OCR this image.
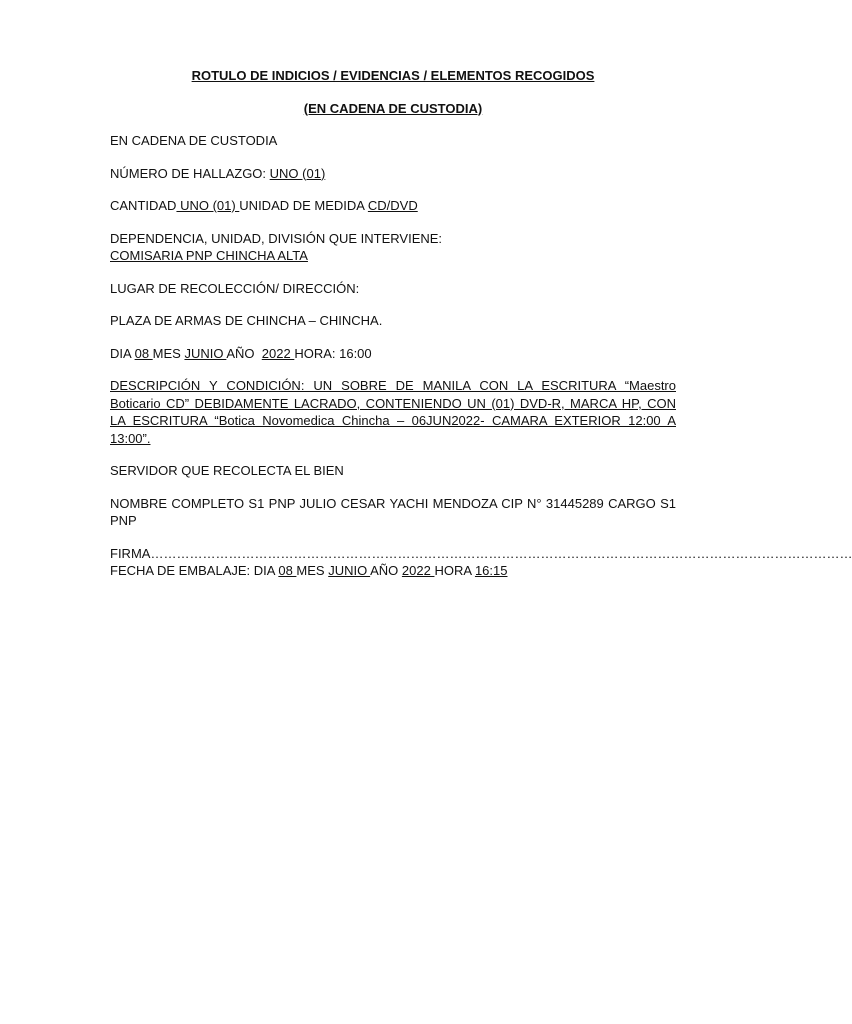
ROTULO DE INDICIOS / EVIDENCIAS / ELEMENTOS RECOGIDOS
(EN CADENA DE CUSTODIA)

EN CADENA DE CUSTODIA

NÚMERO DE HALLAZGO: UNO (01)

CANTIDAD UNO (01) UNIDAD DE MEDIDA CD/DVD

DEPENDENCIA, UNIDAD, DIVISIÓN QUE INTERVIENE:
COMISARIA PNP CHINCHA ALTA

LUGAR DE RECOLECCIÓN/ DIRECCIÓN:

PLAZA DE ARMAS DE CHINCHA – CHINCHA.

DIA 08 MES JUNIO AÑO 2022 HORA: 16:00

DESCRIPCIÓN Y CONDICIÓN: UN SOBRE DE MANILA CON LA ESCRITURA “Maestro Boticario CD” DEBIDAMENTE LACRADO, CONTENIENDO UN (01) DVD-R, MARCA HP, CON LA ESCRITURA “Botica Novomedica Chincha – 06JUN2022- CAMARA EXTERIOR 12:00 A 13:00”.

SERVIDOR QUE RECOLECTA EL BIEN

NOMBRE COMPLETO S1 PNP JULIO CESAR YACHI MENDOZA CIP N° 31445289 CARGO S1 PNP

FIRMA………………………………………………………………………………………………………………………………………………
FECHA DE EMBALAJE: DIA 08 MES JUNIO AÑO 2022 HORA 16:15
